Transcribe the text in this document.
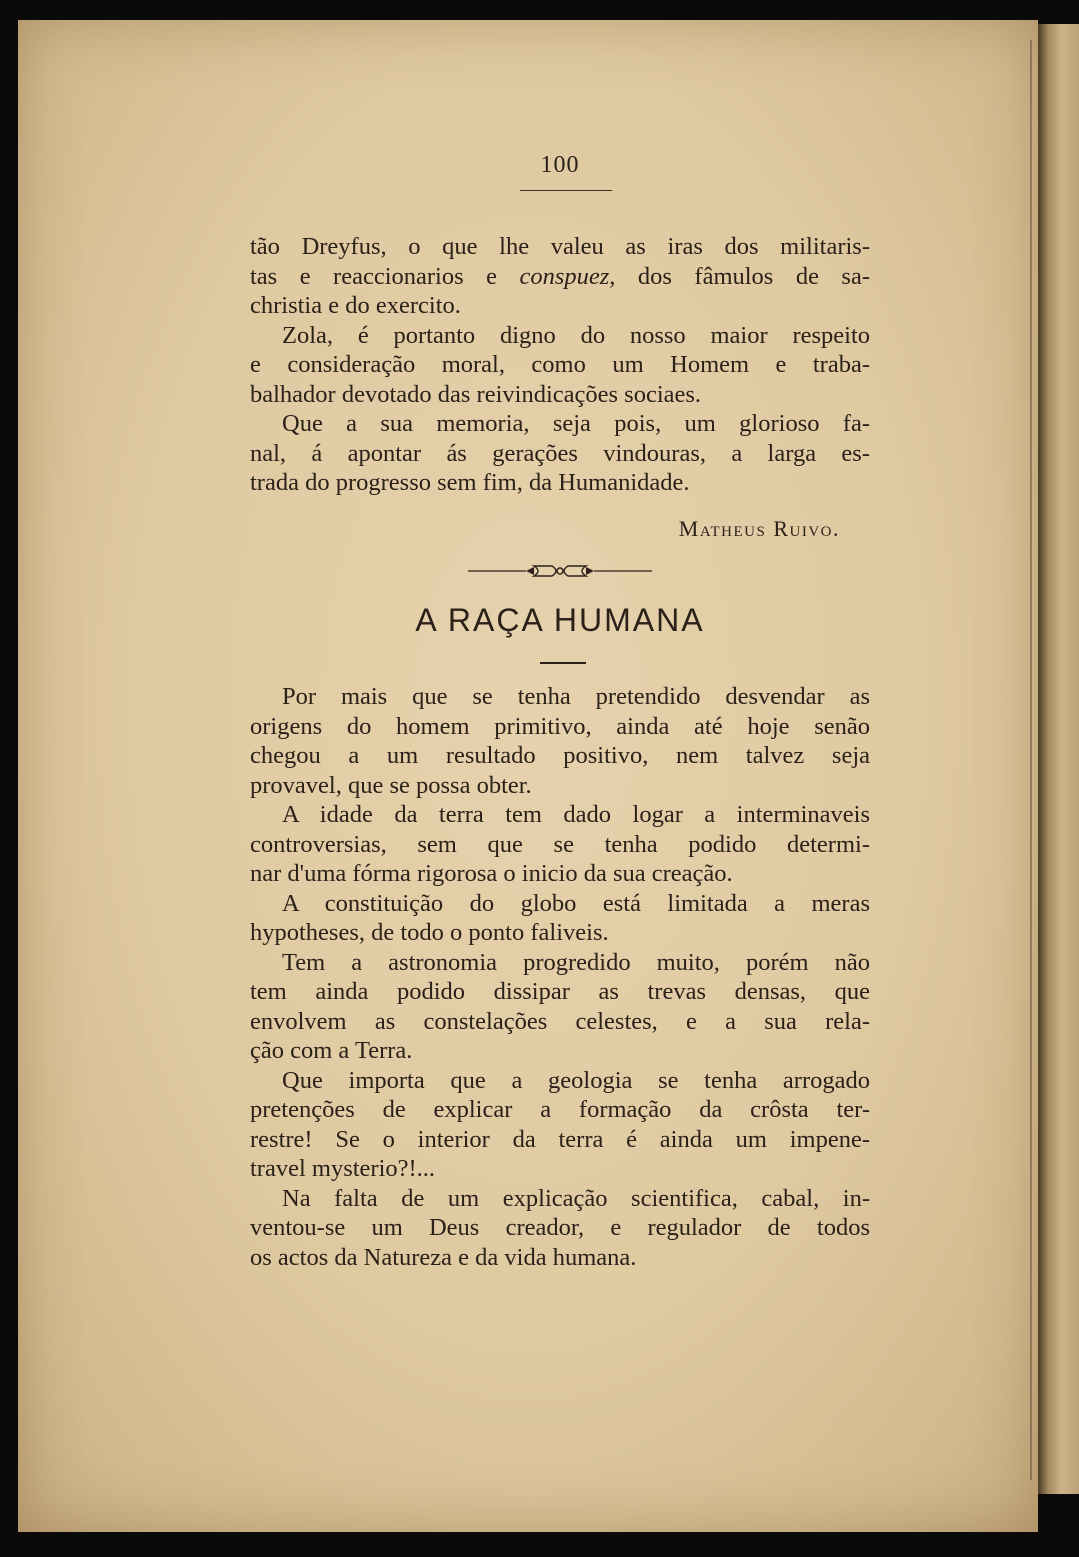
100
tão Dreyfus, o que lhe valeu as iras dos militaris-
tas e reaccionarios e conspuez, dos fâmulos de sa-
christia e do exercito.
Zola, é portanto digno do nosso maior respeito
e consideração moral, como um Homem e traba-
balhador devotado das reivindicações sociaes.
Que a sua memoria, seja pois, um glorioso fa-
nal, á apontar ás gerações vindouras, a larga es-
trada do progresso sem fim, da Humanidade.
Matheus Ruivo.
A RAÇA HUMANA
Por mais que se tenha pretendido desvendar as
origens do homem primitivo, ainda até hoje senão
chegou a um resultado positivo, nem talvez seja
provavel, que se possa obter.
A idade da terra tem dado logar a interminaveis
controversias, sem que se tenha podido determi-
nar d'uma fórma rigorosa o inicio da sua creação.
A constituição do globo está limitada a meras
hypotheses, de todo o ponto faliveis.
Tem a astronomia progredido muito, porém não
tem ainda podido dissipar as trevas densas, que
envolvem as constelações celestes, e a sua rela-
ção com a Terra.
Que importa que a geologia se tenha arrogado
pretenções de explicar a formação da crôsta ter-
restre! Se o interior da terra é ainda um impene-
travel mysterio?!...
Na falta de um explicação scientifica, cabal, in-
ventou-se um Deus creador, e regulador de todos
os actos da Natureza e da vida humana.
